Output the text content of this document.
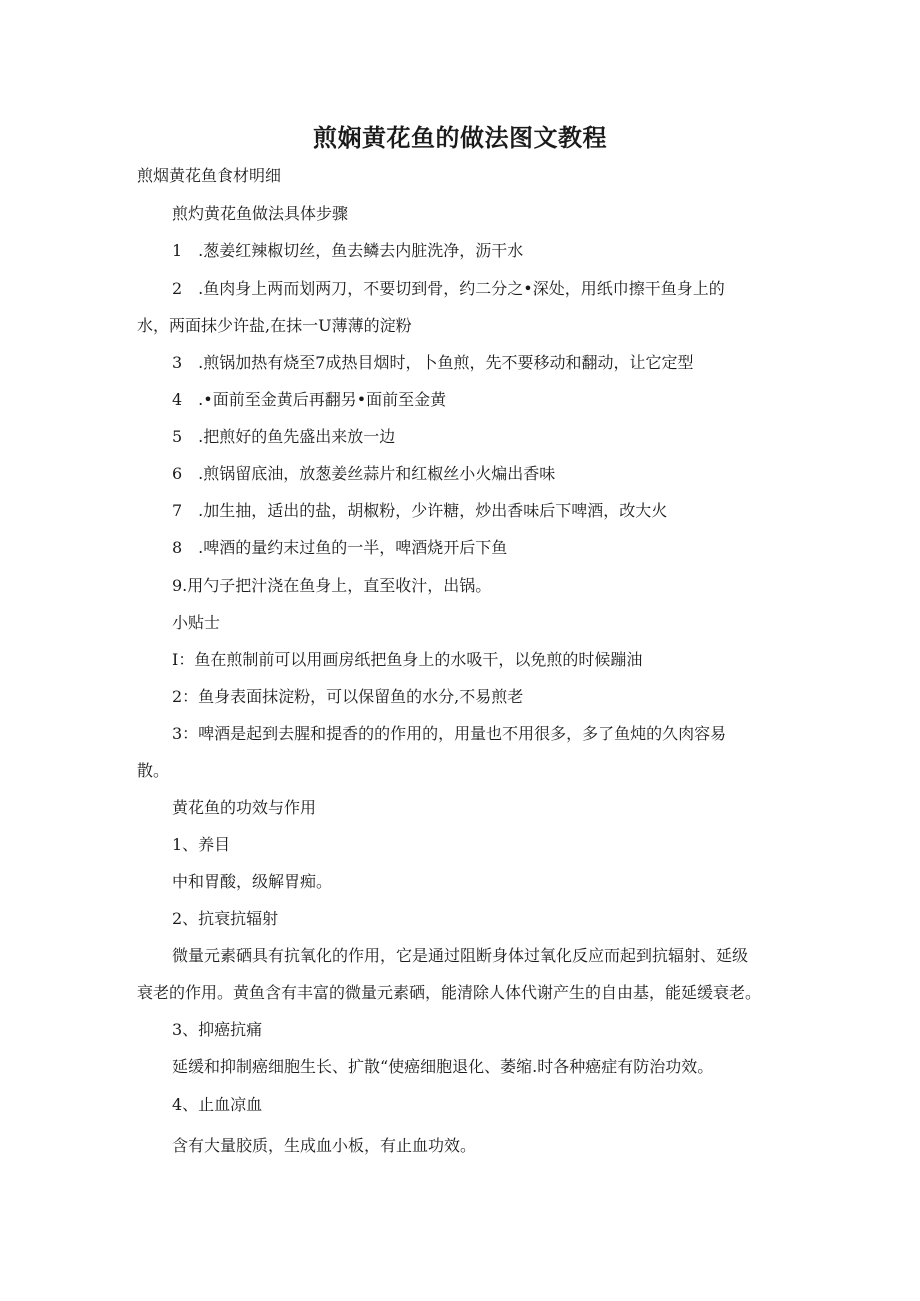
煎娴黄花鱼的做法图文教程
煎烟黄花鱼食材明细
煎灼黄花鱼做法具体步骤
1　.葱姜红辣椒切丝，鱼去鳞去内脏洗净，沥干水
2　.鱼肉身上两而划两刀，不要切到骨，约二分之•深处，用纸巾擦干鱼身上的
水，两面抹少许盐,在抹一U薄薄的淀粉
3　.煎锅加热有烧至7成热目烟时，卜鱼煎，先不要移动和翻动，让它定型
4　.•面前至金黄后再翻另•面前至金黄
5　.把煎好的鱼先盛出来放一边
6　.煎锅留底油，放葱姜丝蒜片和红椒丝小火煸出香味
7　.加生抽，适出的盐，胡椒粉，少许糖，炒出香味后下啤酒，改大火
8　.啤酒的量约末过鱼的一半，啤酒烧开后下鱼
9.用勺子把汁浇在鱼身上，直至收汁，出锅。
小贴士
I：鱼在煎制前可以用画房纸把鱼身上的水吸干，以免煎的时候蹦油
2：鱼身表面抹淀粉，可以保留鱼的水分,不易煎老
3：啤酒是起到去腥和提香的的作用的，用量也不用很多，多了鱼炖的久肉容易
散。
黄花鱼的功效与作用
1、养目
中和胃酸，级解胃痴。
2、抗衰抗辐射
微量元素硒具有抗氧化的作用，它是通过阻断身体过氧化反应而起到抗辐射、延级
衰老的作用。黄鱼含有丰富的微量元素硒，能清除人体代谢产生的自由基，能延缓衰老。
3、抑癌抗痛
延缓和抑制癌细胞生长、扩散“使癌细胞退化、萎缩.时各种癌症有防治功效。
4、止血凉血
含有大量胶质，生成血小板，有止血功效。
